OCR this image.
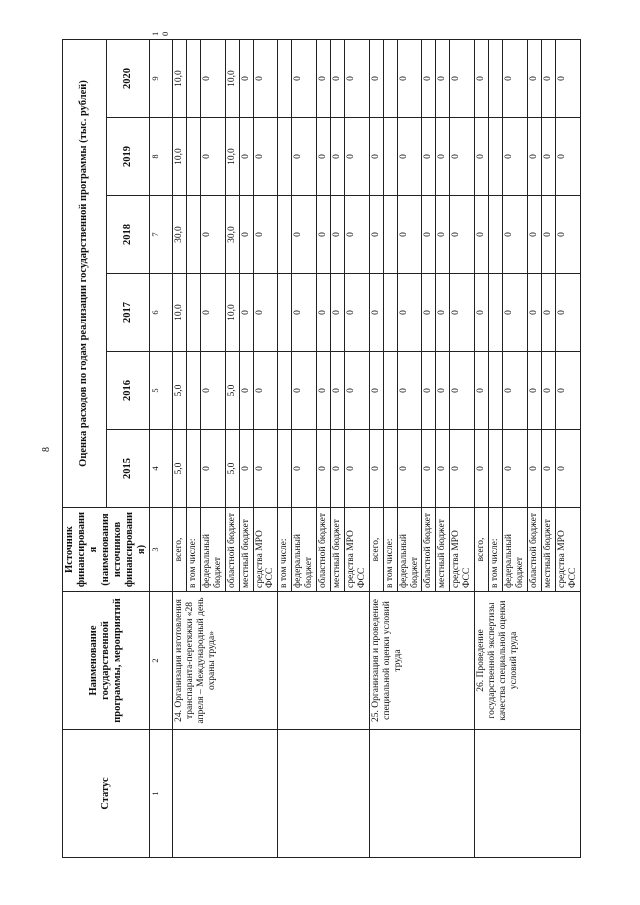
8
Статус	Наименование государственной программы, мероприятий	Источник финансирования (наименования источников финансирования)	Оценка расходов по годам реализации государственной программы (тыс. рублей)						
			2015	2016	2017	2018	2019	2020	
1	2	3	4	5	6	7	8	9	10
	24. Организация изготовления транспаранта-перетяжки «28 апреля – Международный день охраны труда»	всего,	5,0	5,0	10,0	30,0	10,0	10,0	
		в том числе:							
		федеральный бюджет	0	0	0	0	0	0	
		областной бюджет	5,0	5,0	10,0	30,0	10,0	10,0	
		местный бюджет	0	0	0	0	0	0	
		средства МРО ФСС	0	0	0	0	0	0	
		в том числе:							
		федеральный бюджет	0	0	0	0	0	0	
		областной бюджет	0	0	0	0	0	0	
		местный бюджет	0	0	0	0	0	0	
		средства МРО ФСС	0	0	0	0	0	0	
	25. Организация и проведение специальной оценки условий труда	всего,	0	0	0	0	0	0	
		в том числе:							
		федеральный бюджет	0	0	0	0	0	0	
		областной бюджет	0	0	0	0	0	0	
		местный бюджет	0	0	0	0	0	0	
		средства МРО ФСС	0	0	0	0	0	0	
	26. Проведение государственной экспертизы качества специальной оценки условий труда	всего,	0	0	0	0	0	0	
		в том числе:							
		федеральный бюджет	0	0	0	0	0	0	
		областной бюджет	0	0	0	0	0	0	
		местный бюджет	0	0	0	0	0	0	
		средства МРО ФСС	0	0	0	0	0	0	
